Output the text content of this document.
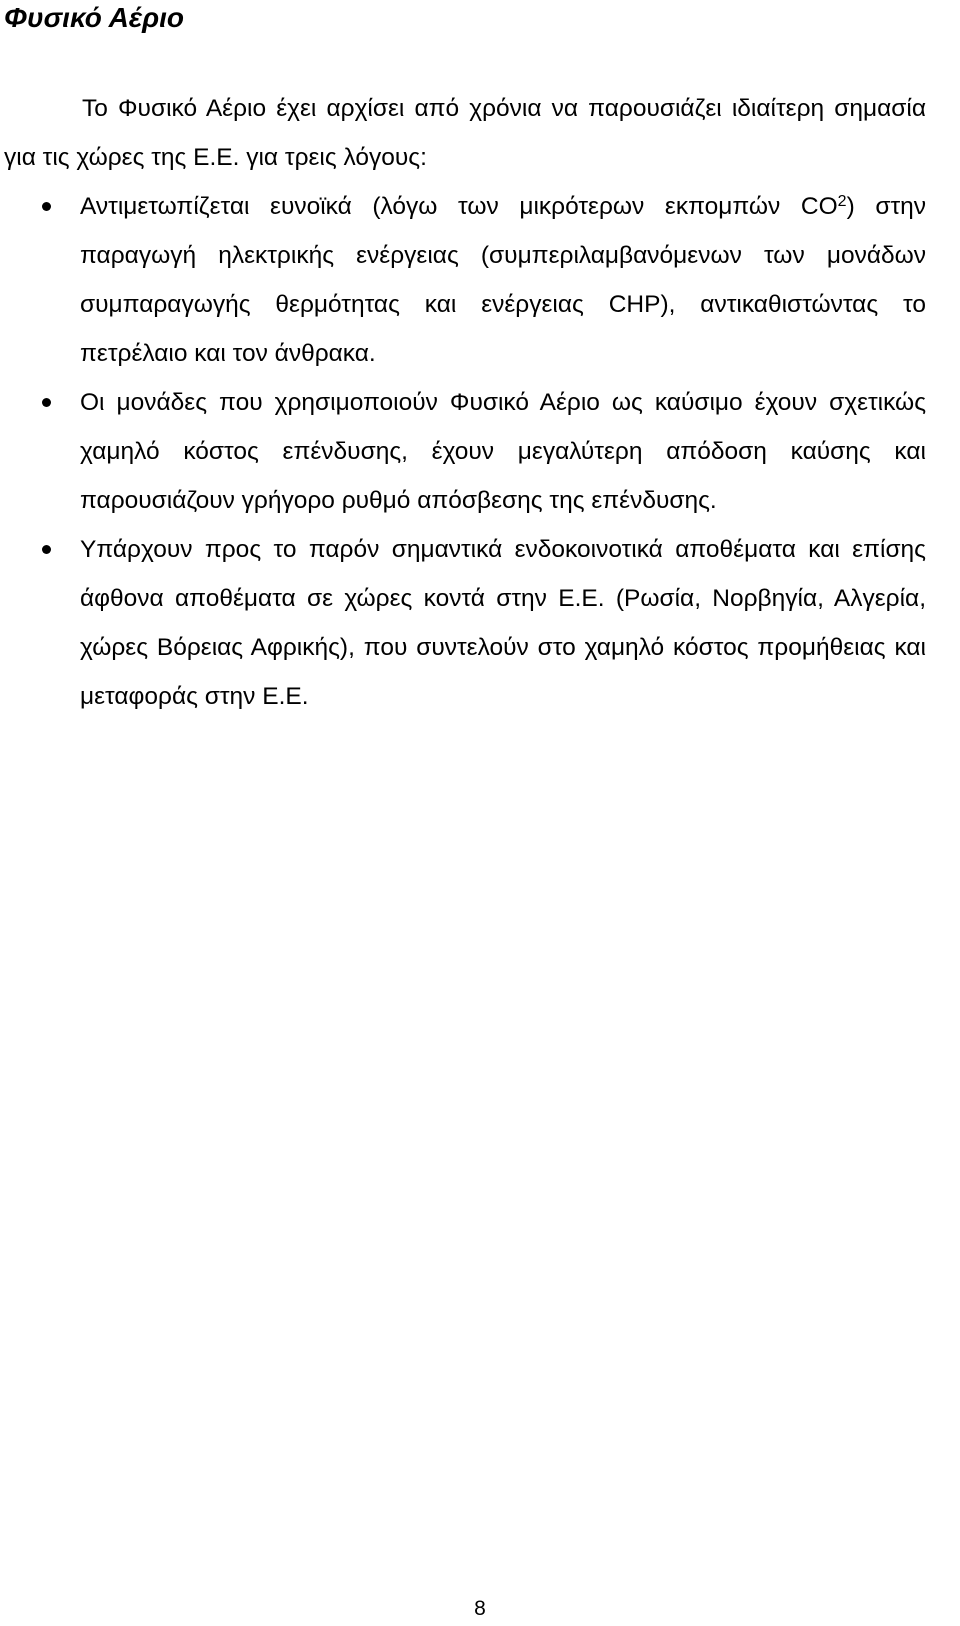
Φυσικό Αέριο

Το Φυσικό Αέριο έχει αρχίσει από χρόνια να παρουσιάζει ιδιαίτερη σημασία για τις χώρες της Ε.Ε. για τρεις λόγους:

Αντιμετωπίζεται ευνοϊκά (λόγω των μικρότερων εκπομπών $CO^2$) στην παραγωγή ηλεκτρικής ενέργειας (συμπεριλαμβανόμενων των μονάδων συμπαραγωγής θερμότητας και ενέργειας CHP), αντικαθιστώντας το πετρέλαιο και τον άνθρακα.
Οι μονάδες που χρησιμοποιούν Φυσικό Αέριο ως καύσιμο έχουν σχετικώς χαμηλό κόστος επένδυσης, έχουν μεγαλύτερη απόδοση καύσης και παρουσιάζουν γρήγορο ρυθμό απόσβεσης της επένδυσης.
Υπάρχουν προς το παρόν σημαντικά ενδοκοινοτικά αποθέματα και επίσης άφθονα αποθέματα σε χώρες κοντά στην Ε.Ε. (Ρωσία, Νορβηγία, Αλγερία, χώρες Βόρειας Αφρικής), που συντελούν στο χαμηλό κόστος προμήθειας και μεταφοράς στην Ε.Ε.
8
